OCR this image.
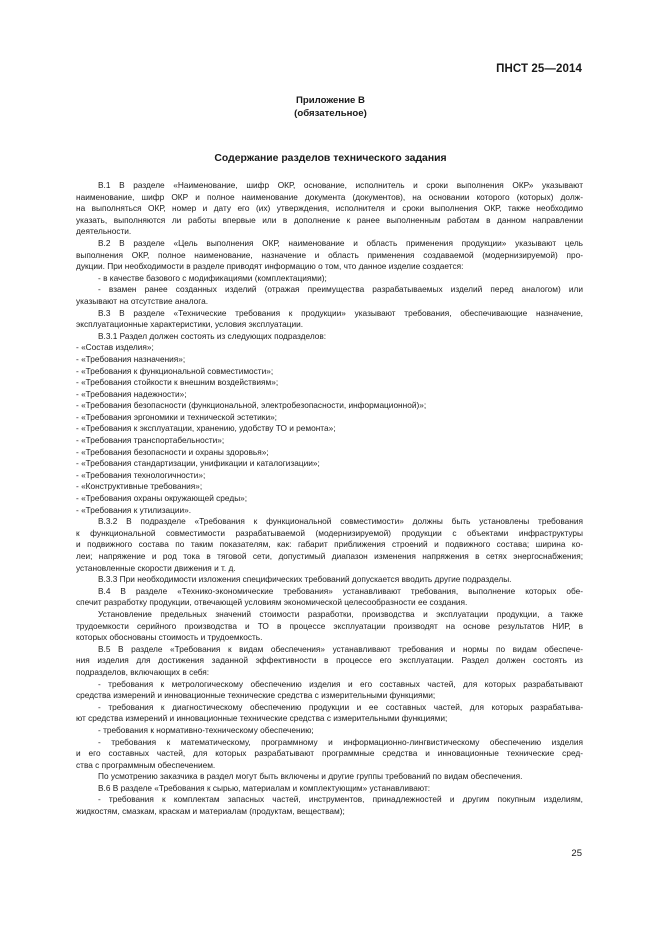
ПНСТ 25—2014
Приложение В
(обязательное)
Содержание разделов технического задания
В.1 В разделе «Наименование, шифр ОКР, основание, исполнитель и сроки выполнения ОКР» указывают
наименование, шифр ОКР и полное наименование документа (документов), на основании которого (которых) долж-
на выполняться ОКР, номер и дату его (их) утверждения, исполнителя и сроки выполнения ОКР, также необходимо
указать, выполняются ли работы впервые или в дополнение к ранее выполненным работам в данном направлении
деятельности.
В.2 В разделе «Цель выполнения ОКР, наименование и область применения продукции» указывают цель
выполнения ОКР, полное наименование, назначение и область применения создаваемой (модернизируемой) про-
дукции. При необходимости в разделе приводят информацию о том, что данное изделие создается:
- в качестве базового с модификациями (комплектациями);
- взамен ранее созданных изделий (отражая преимущества разрабатываемых изделий перед аналогом) или
указывают на отсутствие аналога.
В.3 В разделе «Технические требования к продукции» указывают требования, обеспечивающие назначение,
эксплуатационные характеристики, условия эксплуатации.
В.3.1 Раздел должен состоять из следующих подразделов:
- «Состав изделия»;
- «Требования назначения»;
- «Требования к функциональной совместимости»;
- «Требования стойкости к внешним воздействиям»;
- «Требования надежности»;
- «Требования безопасности (функциональной, электробезопасности, информационной)»;
- «Требования эргономики и технической эстетики»;
- «Требования к эксплуатации, хранению, удобству ТО и ремонта»;
- «Требования транспортабельности»;
- «Требования безопасности и охраны здоровья»;
- «Требования стандартизации, унификации и каталогизации»;
- «Требования технологичности»;
- «Конструктивные требования»;
- «Требования охраны окружающей среды»;
- «Требования к утилизации».
В.3.2 В подразделе «Требования к функциональной совместимости» должны быть установлены требования
к функциональной совместимости разрабатываемой (модернизируемой) продукции с объектами инфраструктуры
и подвижного состава по таким показателям, как: габарит приближения строений и подвижного состава; ширина ко-
леи; напряжение и род тока в тяговой сети, допустимый диапазон изменения напряжения в сетях энергоснабжения;
установленные скорости движения и т. д.
В.3.3 При необходимости изложения специфических требований допускается вводить другие подразделы.
В.4 В разделе «Технико-экономические требования» устанавливают требования, выполнение которых обе-
спечит разработку продукции, отвечающей условиям экономической целесообразности ее создания.
Установление предельных значений стоимости разработки, производства и эксплуатации продукции, а также
трудоемкости серийного производства и ТО в процессе эксплуатации производят на основе результатов НИР, в
которых обоснованы стоимость и трудоемкость.
В.5 В разделе «Требования к видам обеспечения» устанавливают требования и нормы по видам обеспече-
ния изделия для достижения заданной эффективности в процессе его эксплуатации. Раздел должен состоять из
подразделов, включающих в себя:
- требования к метрологическому обеспечению изделия и его составных частей, для которых разрабатывают
средства измерений и инновационные технические средства с измерительными функциями;
- требования к диагностическому обеспечению продукции и ее составных частей, для которых разрабатыва-
ют средства измерений и инновационные технические средства с измерительными функциями;
- требования к нормативно-техническому обеспечению;
- требования к математическому, программному и информационно-лингвистическому обеспечению изделия
и его составных частей, для которых разрабатывают программные средства и инновационные технические сред-
ства с программным обеспечением.
По усмотрению заказчика в раздел могут быть включены и другие группы требований по видам обеспечения.
В.6 В разделе «Требования к сырью, материалам и комплектующим» устанавливают:
- требования к комплектам запасных частей, инструментов, принадлежностей и другим покупным изделиям,
жидкостям, смазкам, краскам и материалам (продуктам, веществам);
25
